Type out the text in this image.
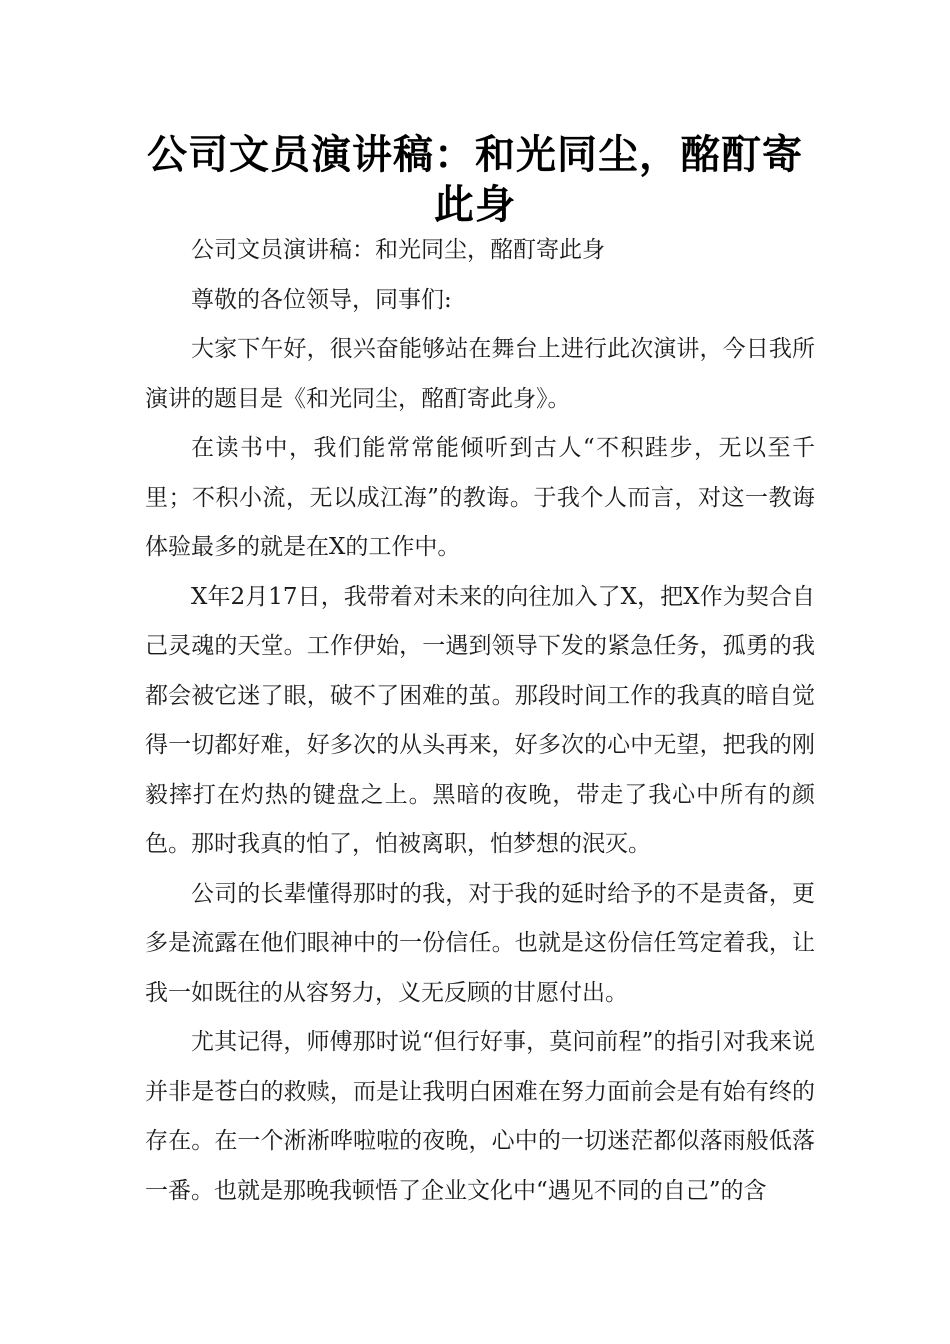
公司文员演讲稿：和光同尘，酩酊寄此身

公司文员演讲稿：和光同尘，酩酊寄此身

尊敬的各位领导，同事们:

大家下午好，很兴奋能够站在舞台上进行此次演讲，今日我所演讲的题目是《和光同尘，酩酊寄此身》。

在读书中，我们能常常能倾听到古人“不积跬步，无以至千里；不积小流，无以成江海”的教诲。于我个人而言，对这一教诲体验最多的就是在X的工作中。

X年2月17日，我带着对未来的向往加入了X，把X作为契合自己灵魂的天堂。工作伊始，一遇到领导下发的紧急任务，孤勇的我都会被它迷了眼，破不了困难的茧。那段时间工作的我真的暗自觉得一切都好难，好多次的从头再来，好多次的心中无望，把我的刚毅摔打在灼热的键盘之上。黑暗的夜晚，带走了我心中所有的颜色。那时我真的怕了，怕被离职，怕梦想的泯灭。

公司的长辈懂得那时的我，对于我的延时给予的不是责备，更多是流露在他们眼神中的一份信任。也就是这份信任笃定着我，让我一如既往的从容努力，义无反顾的甘愿付出。

尤其记得，师傅那时说“但行好事，莫问前程”的指引对我来说并非是苍白的救赎，而是让我明白困难在努力面前会是有始有终的存在。在一个淅淅哗啦啦的夜晚，心中的一切迷茫都似落雨般低落一番。也就是那晚我顿悟了企业文化中“遇见不同的自己”的含
